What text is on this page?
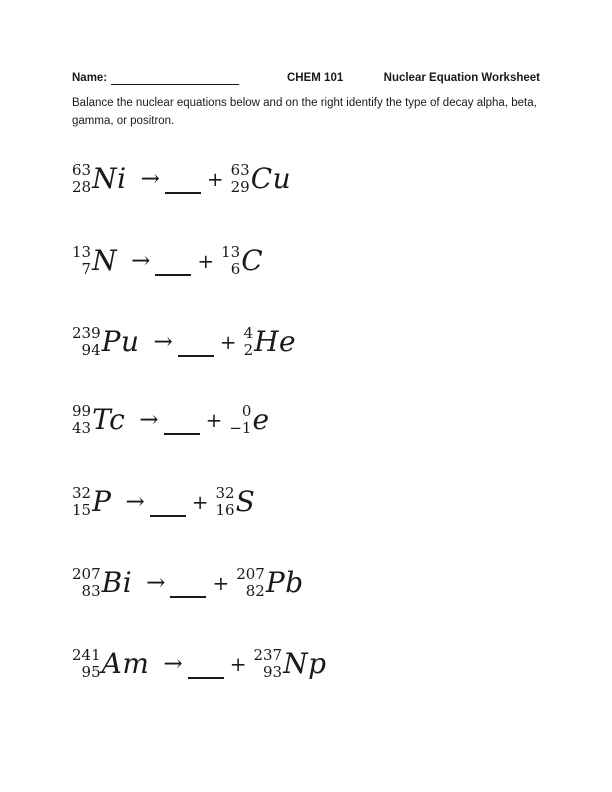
Name:	CHEM 101	Nuclear Equation Worksheet
Balance the nuclear equations below and on the right identify the type of decay alpha, beta,
gamma, or positron.
63
28 Ni → + 63
29 Cu
13
7 N → + 13
6 C
239
94 Pu → + 4
2 He
99
43 Tc → + 0
−1 e
32
15 P → + 32
16 S
207
83 Bi → + 207
82 Pb
241
95 Am → + 237
93 Np
